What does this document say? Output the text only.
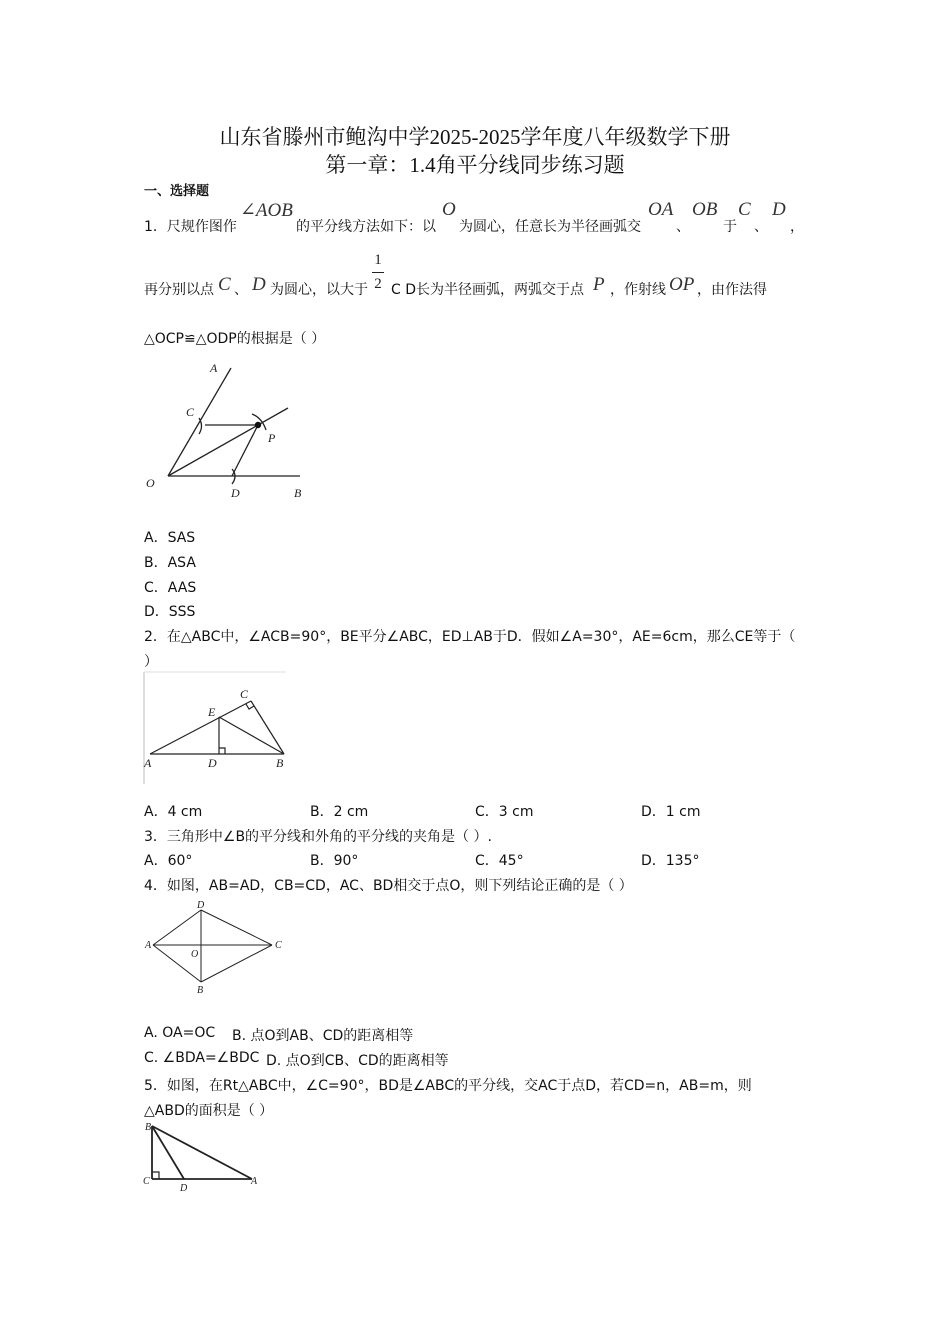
山东省滕州市鲍沟中学2025-2025学年度八年级数学下册
第一章：1.4角平分线同步练习题
一、选择题
1．尺规作图作
∠AOB
的平分线方法如下：以
O
为圆心，任意长为半径画弧交
OA
、
OB
于
C
、
D
，
再分别以点 C 、 D 为圆心，以大于
1
2 C D长为半径画弧，两弧交于点 P ，作射线 OP ，由作法得
△OCP≌△ODP的根据是（ ）
A
C
P
O
D	B
A．SAS
B．ASA
C．AAS
D．SSS
2．在△ABC中，∠ACB=90°，BE平分∠ABC，ED⊥AB于D．假如∠A=30°，AE=6cm，那么CE等于（
）
A	D	B
C
E
A．4 cm	B．2 cm	C．3 cm	D．1 cm
3．三角形中∠B的平分线和外角的平分线的夹角是（ ）.
A．60°	B．90°	C．45°	D．135°
4．如图，AB=AD，CB=CD，AC、BD相交于点O，则下列结论正确的是（ ）
D
A	C
O
B
A. OA=OC B. 点O到AB、CD的距离相等
C. ∠BDA=∠BDC D. 点O到CB、CD的距离相等
5．如图，在Rt△ABC中，∠C=90°，BD是∠ABC的平分线，交AC于点D，若CD=n，AB=m，则
△ABD的面积是（ ）
B
C
D
A
